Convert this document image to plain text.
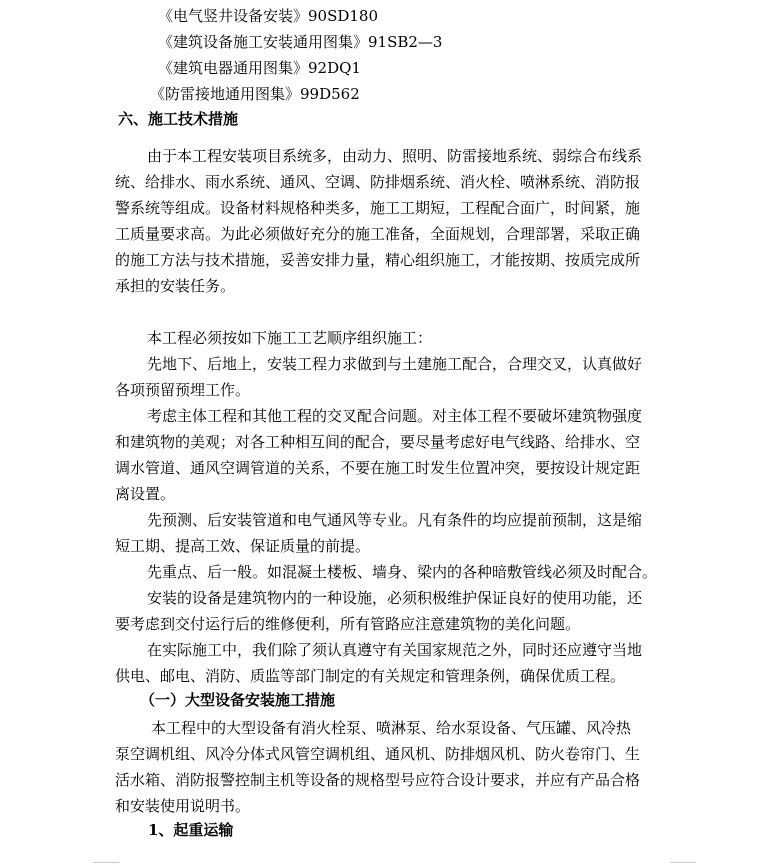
《电气竖井设备安装》90SD180
《建筑设备施工安装通用图集》91SB2—3
《建筑电器通用图集》92DQ1
《防雷接地通用图集》99D562
六、施工技术措施
由于本工程安装项目系统多，由动力、照明、防雷接地系统、弱综合布线系
统、给排水、雨水系统、通风、空调、防排烟系统、消火栓、喷淋系统、消防报
警系统等组成。设备材料规格种类多，施工工期短，工程配合面广，时间紧，施
工质量要求高。为此必须做好充分的施工准备，全面规划，合理部署，采取正确
的施工方法与技术措施，妥善安排力量，精心组织施工，才能按期、按质完成所
承担的安装任务。
本工程必须按如下施工工艺顺序组织施工：
先地下、后地上，安装工程力求做到与土建施工配合，合理交叉，认真做好
各项预留预埋工作。
考虑主体工程和其他工程的交叉配合问题。对主体工程不要破坏建筑物强度
和建筑物的美观；对各工种相互间的配合，要尽量考虑好电气线路、给排水、空
调水管道、通风空调管道的关系，不要在施工时发生位置冲突，要按设计规定距
离设置。
先预测、后安装管道和电气通风等专业。凡有条件的均应提前预制，这是缩
短工期、提高工效、保证质量的前提。
先重点、后一般。如混凝土楼板、墙身、梁内的各种暗敷管线必须及时配合。
安装的设备是建筑物内的一种设施，必须积极维护保证良好的使用功能，还
要考虑到交付运行后的维修便利，所有管路应注意建筑物的美化问题。
在实际施工中，我们除了须认真遵守有关国家规范之外，同时还应遵守当地
供电、邮电、消防、质监等部门制定的有关规定和管理条例，确保优质工程。
（一）大型设备安装施工措施
本工程中的大型设备有消火栓泵、喷淋泵、给水泵设备、气压罐、风冷热
泵空调机组、风冷分体式风管空调机组、通风机、防排烟风机、防火卷帘门、生
活水箱、消防报警控制主机等设备的规格型号应符合设计要求，并应有产品合格
和安装使用说明书。
1、起重运输
